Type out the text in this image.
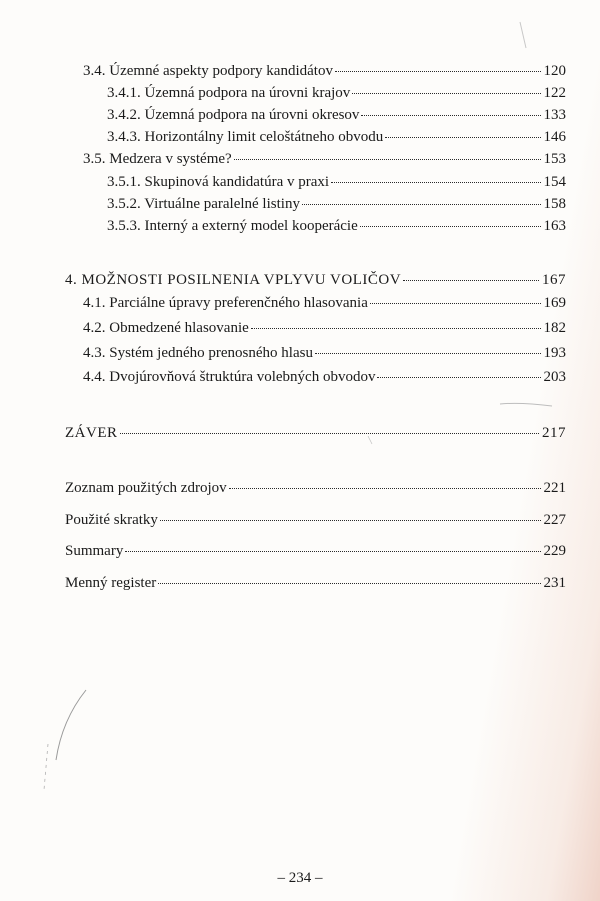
3.4. Územné aspekty podpory kandidátov	120
3.4.1. Územná podpora na úrovni krajov	122
3.4.2. Územná podpora na úrovni okresov	133
3.4.3. Horizontálny limit celoštátneho obvodu	146
3.5. Medzera v systéme?	153
3.5.1. Skupinová kandidatúra v praxi	154
3.5.2. Virtuálne paralelné listiny	158
3.5.3. Interný a externý model kooperácie	163
4. MOŽNOSTI POSILNENIA VPLYVU VOLIČOV	167
4.1. Parciálne úpravy preferenčného hlasovania	169
4.2. Obmedzené hlasovanie	182
4.3. Systém jedného prenosného hlasu	193
4.4. Dvojúrovňová štruktúra volebných obvodov	203
ZÁVER	217
Zoznam použitých zdrojov	221
Použité skratky	227
Summary	229
Menný register	231
– 234 –
